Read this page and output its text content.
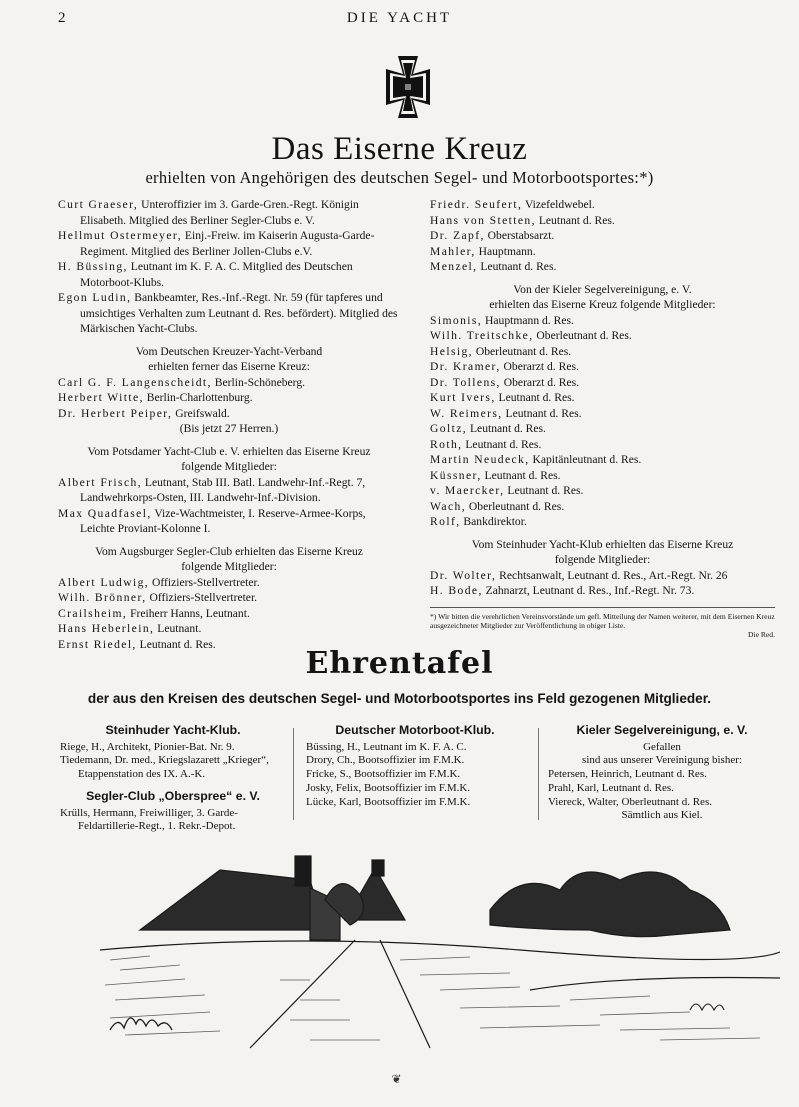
2	DIE YACHT
Das Eiserne Kreuz
erhielten von Angehörigen des deutschen Segel- und Motorbootsportes:*)
Curt Graeser, Unteroffizier im 3. Garde-Gren.-Regt. Königin Elisabeth. Mitglied des Berliner Segler-Clubs e. V.
Hellmut Ostermeyer, Einj.-Freiw. im Kaiserin Augusta-Garde-Regiment. Mitglied des Berliner Jollen-Clubs e.V.
H. Büssing, Leutnant im K. F. A. C. Mitglied des Deutschen Motorboot-Klubs.
Egon Ludin, Bankbeamter, Res.-Inf.-Regt. Nr. 59 (für tapferes und umsichtiges Verhalten zum Leutnant d. Res. befördert). Mitglied des Märkischen Yacht-Clubs.
Vom Deutschen Kreuzer-Yacht-Verband
erhielten ferner das Eiserne Kreuz:
Carl G. F. Langenscheidt, Berlin-Schöneberg.
Herbert Witte, Berlin-Charlottenburg.
Dr. Herbert Peiper, Greifswald.
(Bis jetzt 27 Herren.)
Vom Potsdamer Yacht-Club e. V. erhielten das Eiserne Kreuz
folgende Mitglieder:
Albert Frisch, Leutnant, Stab III. Batl. Landwehr-Inf.-Regt. 7, Landwehrkorps-Osten, III. Landwehr-Inf.-Division.
Max Quadfasel, Vize-Wachtmeister, I. Reserve-Armee-Korps, Leichte Proviant-Kolonne I.
Vom Augsburger Segler-Club erhielten das Eiserne Kreuz
folgende Mitglieder:
Albert Ludwig, Offiziers-Stellvertreter.
Wilh. Brönner, Offiziers-Stellvertreter.
Crailsheim, Freiherr Hanns, Leutnant.
Hans Heberlein, Leutnant.
Ernst Riedel, Leutnant d. Res.
Friedr. Seufert, Vizefeldwebel.
Hans von Stetten, Leutnant d. Res.
Dr. Zapf, Oberstabsarzt.
Mahler, Hauptmann.
Menzel, Leutnant d. Res.
Von der Kieler Segelvereinigung, e. V.
erhielten das Eiserne Kreuz folgende Mitglieder:
Simonis, Hauptmann d. Res.
Wilh. Treitschke, Oberleutnant d. Res.
Helsig, Oberleutnant d. Res.
Dr. Kramer, Oberarzt d. Res.
Dr. Tollens, Oberarzt d. Res.
Kurt Ivers, Leutnant d. Res.
W. Reimers, Leutnant d. Res.
Goltz, Leutnant d. Res.
Roth, Leutnant d. Res.
Martin Neudeck, Kapitänleutnant d. Res.
Küssner, Leutnant d. Res.
v. Maercker, Leutnant d. Res.
Wach, Oberleutnant d. Res.
Rolf, Bankdirektor.
Vom Steinhuder Yacht-Klub erhielten das Eiserne Kreuz
folgende Mitglieder:
Dr. Wolter, Rechtsanwalt, Leutnant d. Res., Art.-Regt. Nr. 26
H. Bode, Zahnarzt, Leutnant d. Res., Inf.-Regt. Nr. 73.
*) Wir bitten die verehrlichen Vereinsvorstände um gefl. Mitteilung der Namen weiterer, mit dem Eisernen Kreuz ausgezeichneter Mitglieder zur Veröffentlichung in obiger Liste.
Die Red.
Ehrentafel
der aus den Kreisen des deutschen Segel- und Motorbootsportes ins Feld gezogenen Mitglieder.
Steinhuder Yacht-Klub.
Riege, H., Architekt, Pionier-Bat. Nr. 9.
Tiedemann, Dr. med., Kriegslazarett „Krieger“, Etappenstation des IX. A.-K.
Segler-Club „Oberspree“ e. V.
Krülls, Hermann, Freiwilliger, 3. Garde-Feldartillerie-Regt., 1. Rekr.-Depot.
Deutscher Motorboot-Klub.
Büssing, H., Leutnant im K. F. A. C.
Drory, Ch., Bootsoffizier im F.M.K.
Fricke, S., Bootsoffizier im F.M.K.
Josky, Felix, Bootsoffizier im F.M.K.
Lücke, Karl, Bootsoffizier im F.M.K.
Kieler Segelvereinigung, e. V.
Gefallen
sind aus unserer Vereinigung bisher:
Petersen, Heinrich, Leutnant d. Res.
Prahl, Karl, Leutnant d. Res.
Viereck, Walter, Oberleutnant d. Res.
Sämtlich aus Kiel.
❦
